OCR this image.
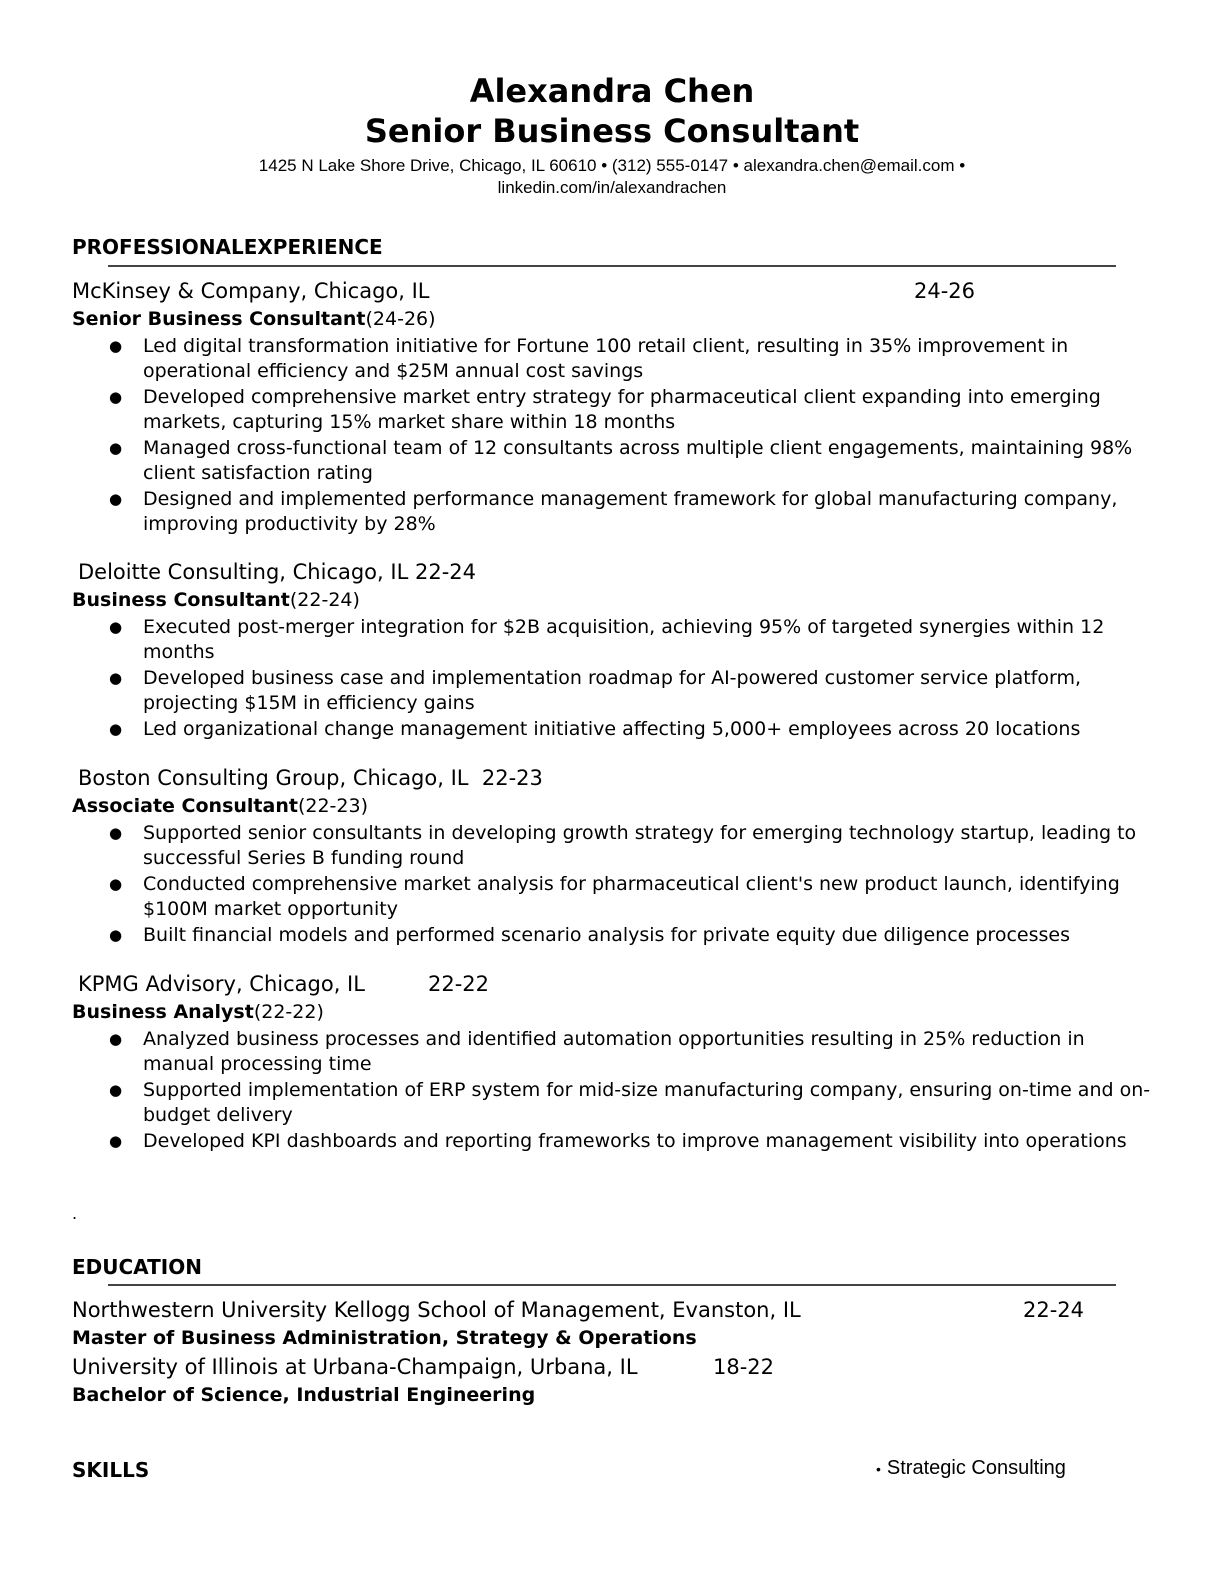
Alexandra Chen
Senior Business Consultant
1425 N Lake Shore Drive, Chicago, IL 60610 • (312) 555-0147 • alexandra.chen@email.com •
linkedin.com/in/alexandrachen
PROFESSIONALEXPERIENCE
McKinsey & Company, Chicago, IL	24-26
Senior Business Consultant(24-26)
● Led digital transformation initiative for Fortune 100 retail client, resulting in 35% improvement in operational efficiency and $25M annual cost savings
● Developed comprehensive market entry strategy for pharmaceutical client expanding into emerging markets, capturing 15% market share within 18 months
● Managed cross-functional team of 12 consultants across multiple client engagements, maintaining 98% client satisfaction rating
● Designed and implemented performance management framework for global manufacturing company, improving productivity by 28%
Deloitte Consulting, Chicago, IL 22-24
Business Consultant(22-24)
● Executed post-merger integration for $2B acquisition, achieving 95% of targeted synergies within 12 months
● Developed business case and implementation roadmap for AI-powered customer service platform, projecting $15M in efficiency gains
● Led organizational change management initiative affecting 5,000+ employees across 20 locations
Boston Consulting Group, Chicago, IL 22-23
Associate Consultant(22-23)
● Supported senior consultants in developing growth strategy for emerging technology startup, leading to successful Series B funding round
● Conducted comprehensive market analysis for pharmaceutical client's new product launch, identifying $100M market opportunity
● Built financial models and performed scenario analysis for private equity due diligence processes
KPMG Advisory, Chicago, IL	22-22
Business Analyst(22-22)
● Analyzed business processes and identified automation opportunities resulting in 25% reduction in manual processing time
● Supported implementation of ERP system for mid-size manufacturing company, ensuring on-time and on-budget delivery
● Developed KPI dashboards and reporting frameworks to improve management visibility into operations
.
EDUCATION
Northwestern University Kellogg School of Management, Evanston, IL	22-24
Master of Business Administration, Strategy & Operations
University of Illinois at Urbana-Champaign, Urbana, IL	18-22
Bachelor of Science, Industrial Engineering
SKILLS	• Strategic Consulting
